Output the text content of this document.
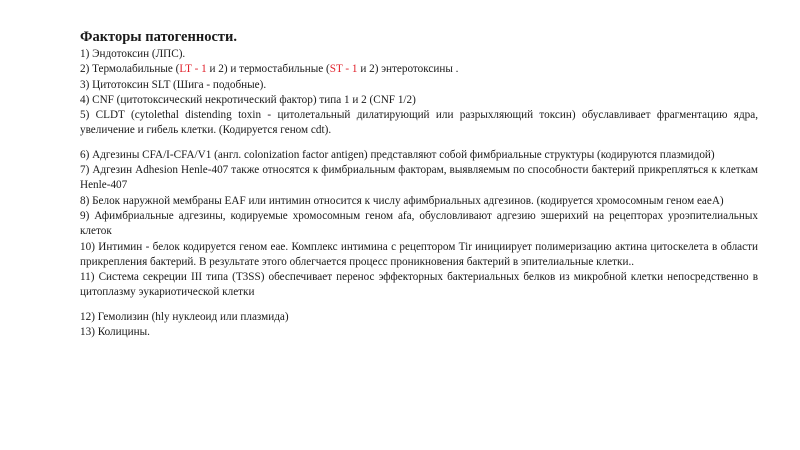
Факторы патогенности.
1) Эндотоксин (ЛПС).
2) Термолабильные (LT - 1 и 2) и термостабильные (ST - 1 и 2) энтеротоксины .
3) Цитотоксин SLT (Шига - подобные).
4) CNF (цитотоксический некротический фактор) типа 1 и 2 (CNF 1/2)
5) CLDT (cytolethal distending toxin - цитолетальный дилатирующий или разрыхляющий токсин) обуславливает фрагментацию ядра, увеличение и гибель клетки. (Кодируется геном cdt).
6) Адгезины CFA/I-CFA/V1 (англ. colonization factor antigen) представляют собой фимбриальные структуры (кодируются плазмидой)
7) Адгезин Adhesion Henle-407 также относятся к фимбриальным факторам, выявляемым по способности бактерий прикрепляться к клеткам Henle-407
8) Белок наружной мембраны EAF или интимин относится к числу афимбриальных адгезинов. (кодируется хромосомным геном eaeA)
9) Афимбриальные адгезины, кодируемые хромосомным геном afa, обусловливают адгезию эшерихий на рецепторах уроэпителиальных клеток
10) Интимин - белок кодируется геном eae. Комплекс интимина с рецептором Tir инициирует полимеризацию актина цитоскелета в области прикрепления бактерий. В результате этого облегчается процесс проникновения бактерий в эпителиальные клетки..
11) Система секреции III типа (T3SS) обеспечивает перенос эффекторных бактериальных белков из микробной клетки непосредственно в цитоплазму эукариотической клетки
12) Гемолизин (hly нуклеоид или плазмида)
13) Колицины.
